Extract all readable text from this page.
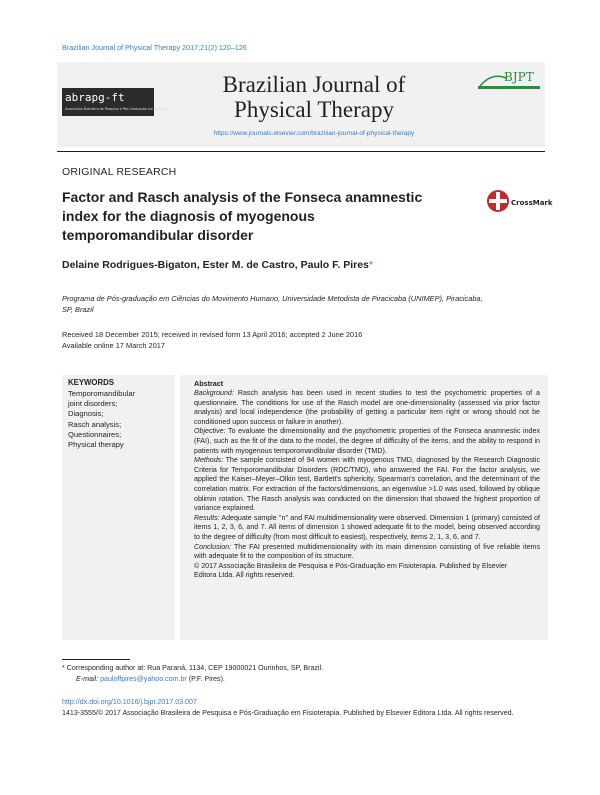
Brazilian Journal of Physical Therapy 2017;21(2):120–126
abrapg-ft
Associação Brasileira de Pesquisa e Pós-Graduação em Fisioterapia
Brazilian Journal of
Physical Therapy
https://www.journals.elsevier.com/brazilian-journal-of-physical-therapy
BJPT
ORIGINAL RESEARCH
Factor and Rasch analysis of the Fonseca anamnestic
index for the diagnosis of myogenous
temporomandibular disorder
CrossMark
Delaine Rodrigues-Bigaton, Ester M. de Castro, Paulo F. Pires*
Programa de Pós-graduação em Ciências do Movimento Humano, Universidade Metodista de Piracicaba (UNIMEP), Piracicaba,
SP, Brazil
Received 18 December 2015; received in revised form 13 April 2016; accepted 2 June 2016
Available online 17 March 2017
KEYWORDS
Temporomandibular
joint disorders;
Diagnosis;
Rasch analysis;
Questionnaires;
Physical therapy
Abstract

Background: Rasch analysis has been used in recent studies to test the psychometric properties of a questionnaire. The conditions for use of the Rasch model are one-dimensionality (assessed via prior factor analysis) and local independence (the probability of getting a particular item right or wrong should not be conditioned upon success or failure in another).

Objective: To evaluate the dimensionality and the psychometric properties of the Fonseca anamnestic index (FAI), such as the fit of the data to the model, the degree of difficulty of the items, and the ability to respond in patients with myogenous temporomandibular disorder (TMD).

Methods: The sample consisted of 94 women with myogenous TMD, diagnosed by the Research Diagnostic Criteria for Temporomandibular Disorders (RDC/TMD), who answered the FAI. For the factor analysis, we applied the Kaiser–Meyer–Olkin test, Bartlett's sphericity, Spearman's correlation, and the determinant of the correlation matrix. For extraction of the factors/dimensions, an eigenvalue >1.0 was used, followed by oblique oblimin rotation. The Rasch analysis was conducted on the dimension that showed the highest proportion of variance explained.

Results: Adequate sample ''n'' and FAI multidimensionality were observed. Dimension 1 (primary) consisted of items 1, 2, 3, 6, and 7. All items of dimension 1 showed adequate fit to the model, being observed according to the degree of difficulty (from most difficult to easiest), respectively, items 2, 1, 3, 6, and 7.

Conclusion: The FAI presented multidimensionality with its main dimension consisting of five reliable items with adequate fit to the composition of its structure.

© 2017 Associação Brasileira de Pesquisa e Pós-Graduação em Fisioterapia. Published by Elsevier
Editora Ltda. All rights reserved.
* Corresponding author at: Rua Paraná, 1134, CEP 19000021 Ourinhos, SP, Brazil.
E-mail: pauloffpires@yahoo.com.br (P.F. Pires).
http://dx.doi.org/10.1016/j.bjpt.2017.03.007
1413-3555/© 2017 Associação Brasileira de Pesquisa e Pós-Graduação em Fisioterapia. Published by Elsevier Editora Ltda. All rights reserved.
